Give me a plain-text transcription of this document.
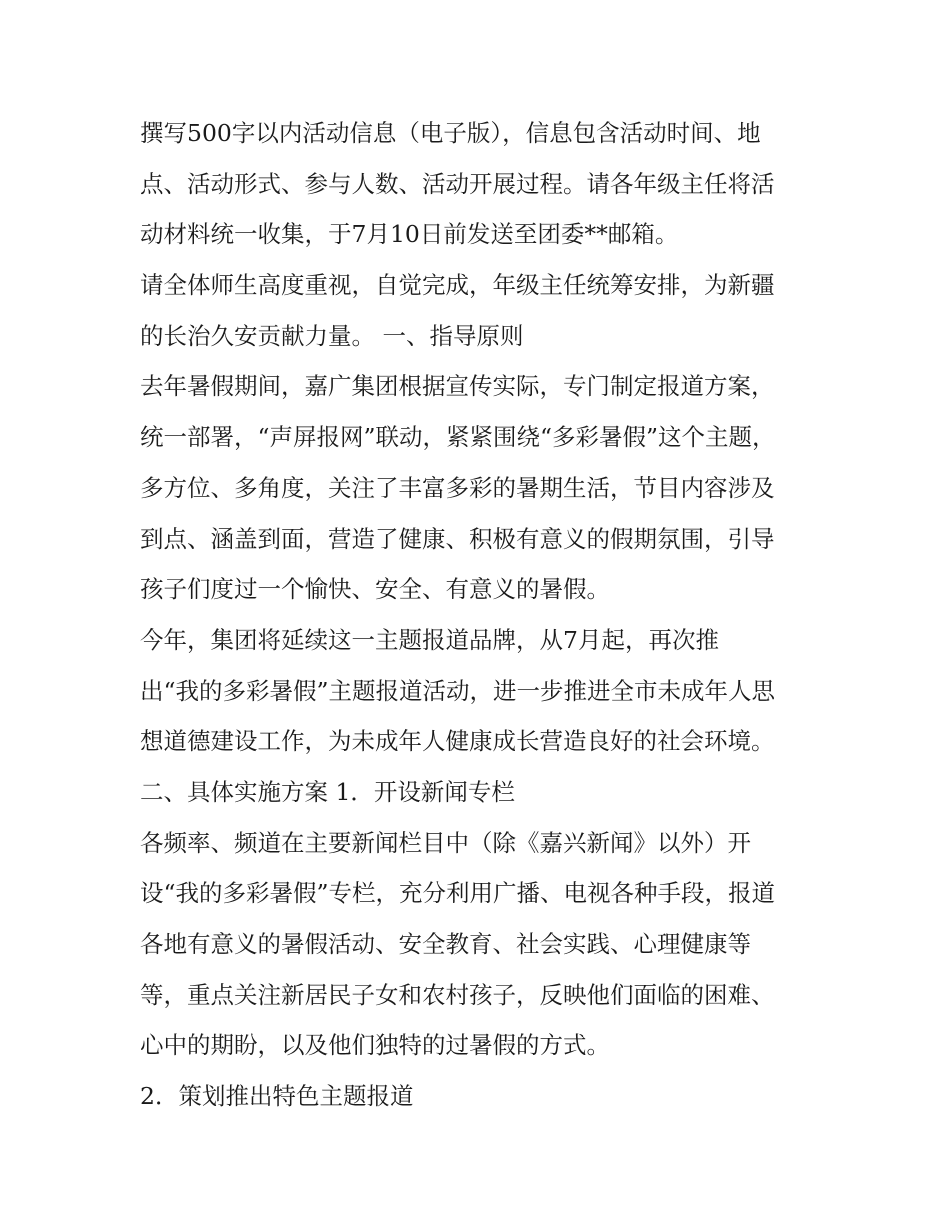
撰写500字以内活动信息（电子版），信息包含活动时间、地
点、活动形式、参与人数、活动开展过程。请各年级主任将活
动材料统一收集，于7月10日前发送至团委**邮箱。
请全体师生高度重视，自觉完成，年级主任统筹安排，为新疆
的长治久安贡献力量。 一、指导原则
去年暑假期间，嘉广集团根据宣传实际，专门制定报道方案，
统一部署，“声屏报网”联动，紧紧围绕“多彩暑假”这个主题，
多方位、多角度，关注了丰富多彩的暑期生活，节目内容涉及
到点、涵盖到面，营造了健康、积极有意义的假期氛围，引导
孩子们度过一个愉快、安全、有意义的暑假。
今年，集团将延续这一主题报道品牌，从7月起，再次推
出“我的多彩暑假”主题报道活动，进一步推进全市未成年人思
想道德建设工作，为未成年人健康成长营造良好的社会环境。
二、具体实施方案 1．开设新闻专栏
各频率、频道在主要新闻栏目中（除《嘉兴新闻》以外）开
设“我的多彩暑假”专栏，充分利用广播、电视各种手段，报道
各地有意义的暑假活动、安全教育、社会实践、心理健康等
等，重点关注新居民子女和农村孩子，反映他们面临的困难、
心中的期盼，以及他们独特的过暑假的方式。
2．策划推出特色主题报道
